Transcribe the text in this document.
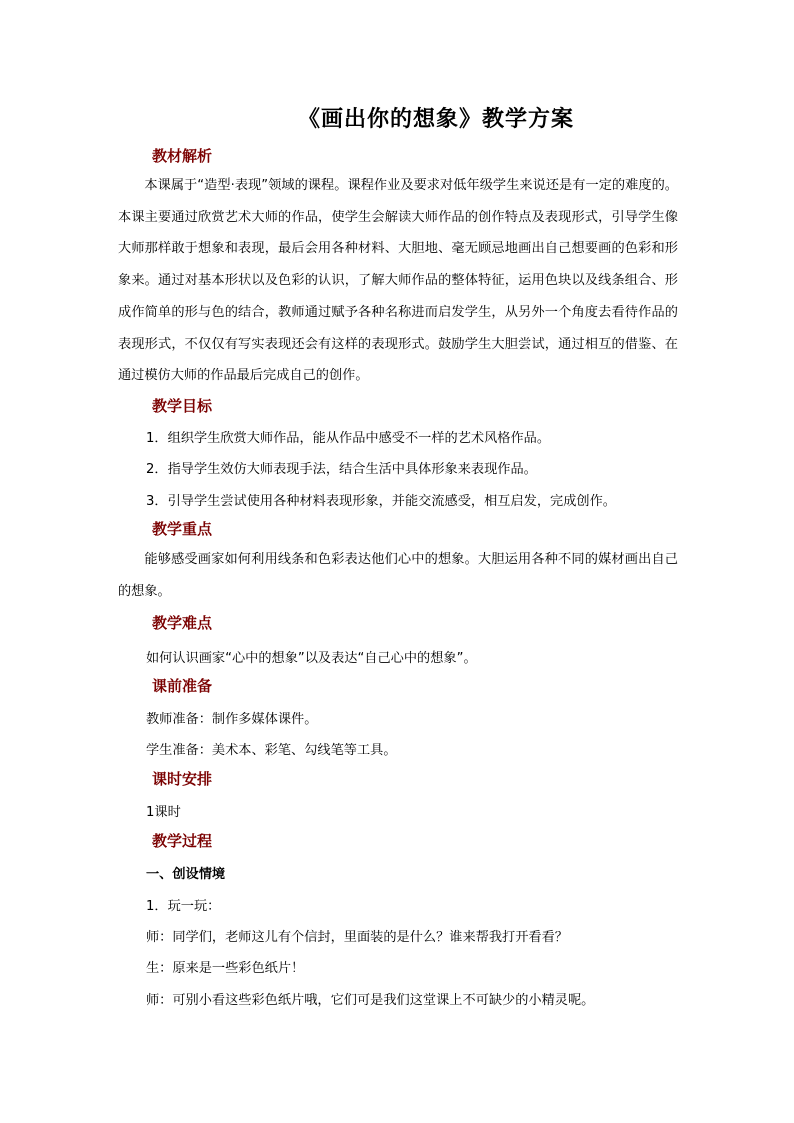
《画出你的想象》教学方案
教材解析
本课属于“造型·表现”领域的课程。课程作业及要求对低年级学生来说还是有一定的难度的。本课主要通过欣赏艺术大师的作品，使学生会解读大师作品的创作特点及表现形式，引导学生像大师那样敢于想象和表现，最后会用各种材料、大胆地、毫无顾忌地画出自己想要画的色彩和形象来。通过对基本形状以及色彩的认识，了解大师作品的整体特征，运用色块以及线条组合、形成作简单的形与色的结合，教师通过赋予各种名称进而启发学生，从另外一个角度去看待作品的表现形式，不仅仅有写实表现还会有这样的表现形式。鼓励学生大胆尝试，通过相互的借鉴、在通过模仿大师的作品最后完成自己的创作。
教学目标
1．组织学生欣赏大师作品，能从作品中感受不一样的艺术风格作品。
2．指导学生效仿大师表现手法，结合生活中具体形象来表现作品。
3．引导学生尝试使用各种材料表现形象，并能交流感受，相互启发，完成创作。
教学重点
能够感受画家如何利用线条和色彩表达他们心中的想象。大胆运用各种不同的媒材画出自己的想象。
教学难点
如何认识画家“心中的想象”以及表达“自己心中的想象”。
课前准备
教师准备：制作多媒体课件。
学生准备：美术本、彩笔、勾线笔等工具。
课时安排
1课时
教学过程
一、创设情境
1．玩一玩：
师：同学们，老师这儿有个信封，里面装的是什么？谁来帮我打开看看？
生：原来是一些彩色纸片！
师：可别小看这些彩色纸片哦，它们可是我们这堂课上不可缺少的小精灵呢。
